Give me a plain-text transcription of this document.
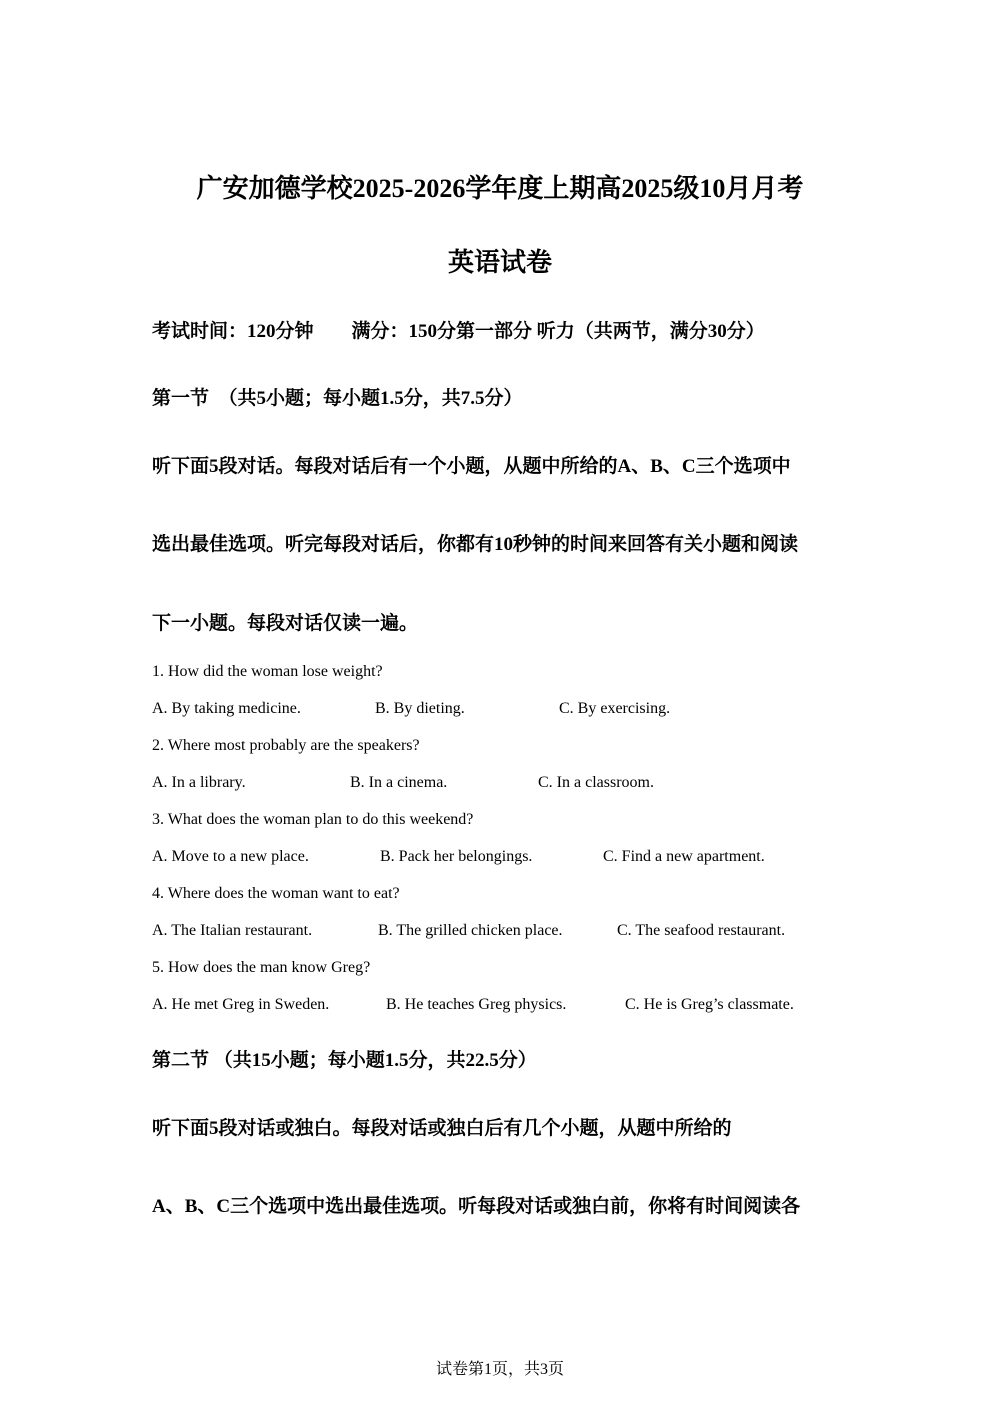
广安加德学校2025-2026学年度上期高2025级10月月考
英语试卷
考试时间：120分钟　　满分：150分第一部分 听力（共两节，满分30分）
第一节　（共5小题；每小题1.5分，共7.5分）
听下面5段对话。每段对话后有一个小题，从题中所给的A、B、C三个选项中
选出最佳选项。听完每段对话后，你都有10秒钟的时间来回答有关小题和阅读
下一小题。每段对话仅读一遍。
1. How did the woman lose weight?
A. By taking medicine.	B. By dieting.	C. By exercising.
2. Where most probably are the speakers?
A. In a library.	B. In a cinema.	C. In a classroom.
3. What does the woman plan to do this weekend?
A. Move to a new place.	B. Pack her belongings.	C. Find a new apartment.
4. Where does the woman want to eat?
A. The Italian restaurant.	B. The grilled chicken place.	C. The seafood restaurant.
5. How does the man know Greg?
A. He met Greg in Sweden.	B. He teaches Greg physics.	C. He is Greg’s classmate.
第二节 （共15小题；每小题1.5分，共22.5分）
听下面5段对话或独白。每段对话或独白后有几个小题，从题中所给的
A、B、C三个选项中选出最佳选项。听每段对话或独白前，你将有时间阅读各
试卷第1页，共3页
